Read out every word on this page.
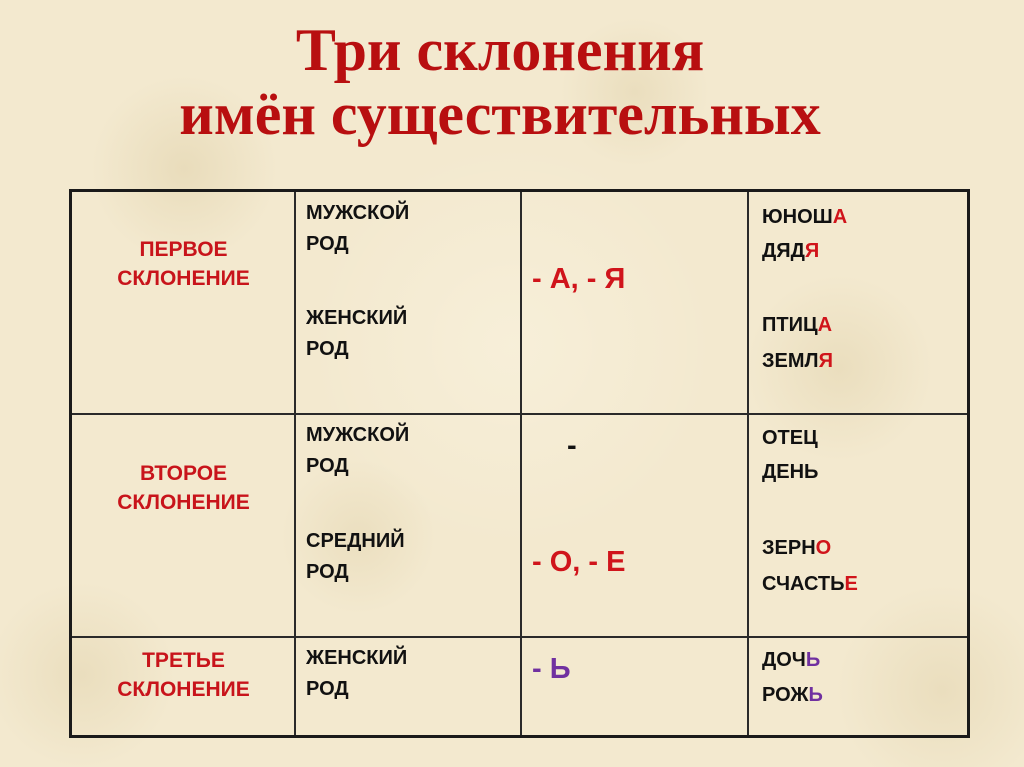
Три склонения
имён существительных
ПЕРВОЕ
СКЛОНЕНИЕ
МУЖСКОЙ
РОД
ЖЕНСКИЙ
РОД
- А, - Я
ЮНОША
ДЯДЯ
ПТИЦА
ЗЕМЛЯ
ВТОРОЕ
СКЛОНЕНИЕ
МУЖСКОЙ
РОД
СРЕДНИЙ
РОД
-
- О, - Е
ОТЕЦ
ДЕНЬ
ЗЕРНО
СЧАСТЬЕ
ТРЕТЬЕ
СКЛОНЕНИЕ
ЖЕНСКИЙ
РОД
- Ь	ДОЧЬ
РОЖЬ
